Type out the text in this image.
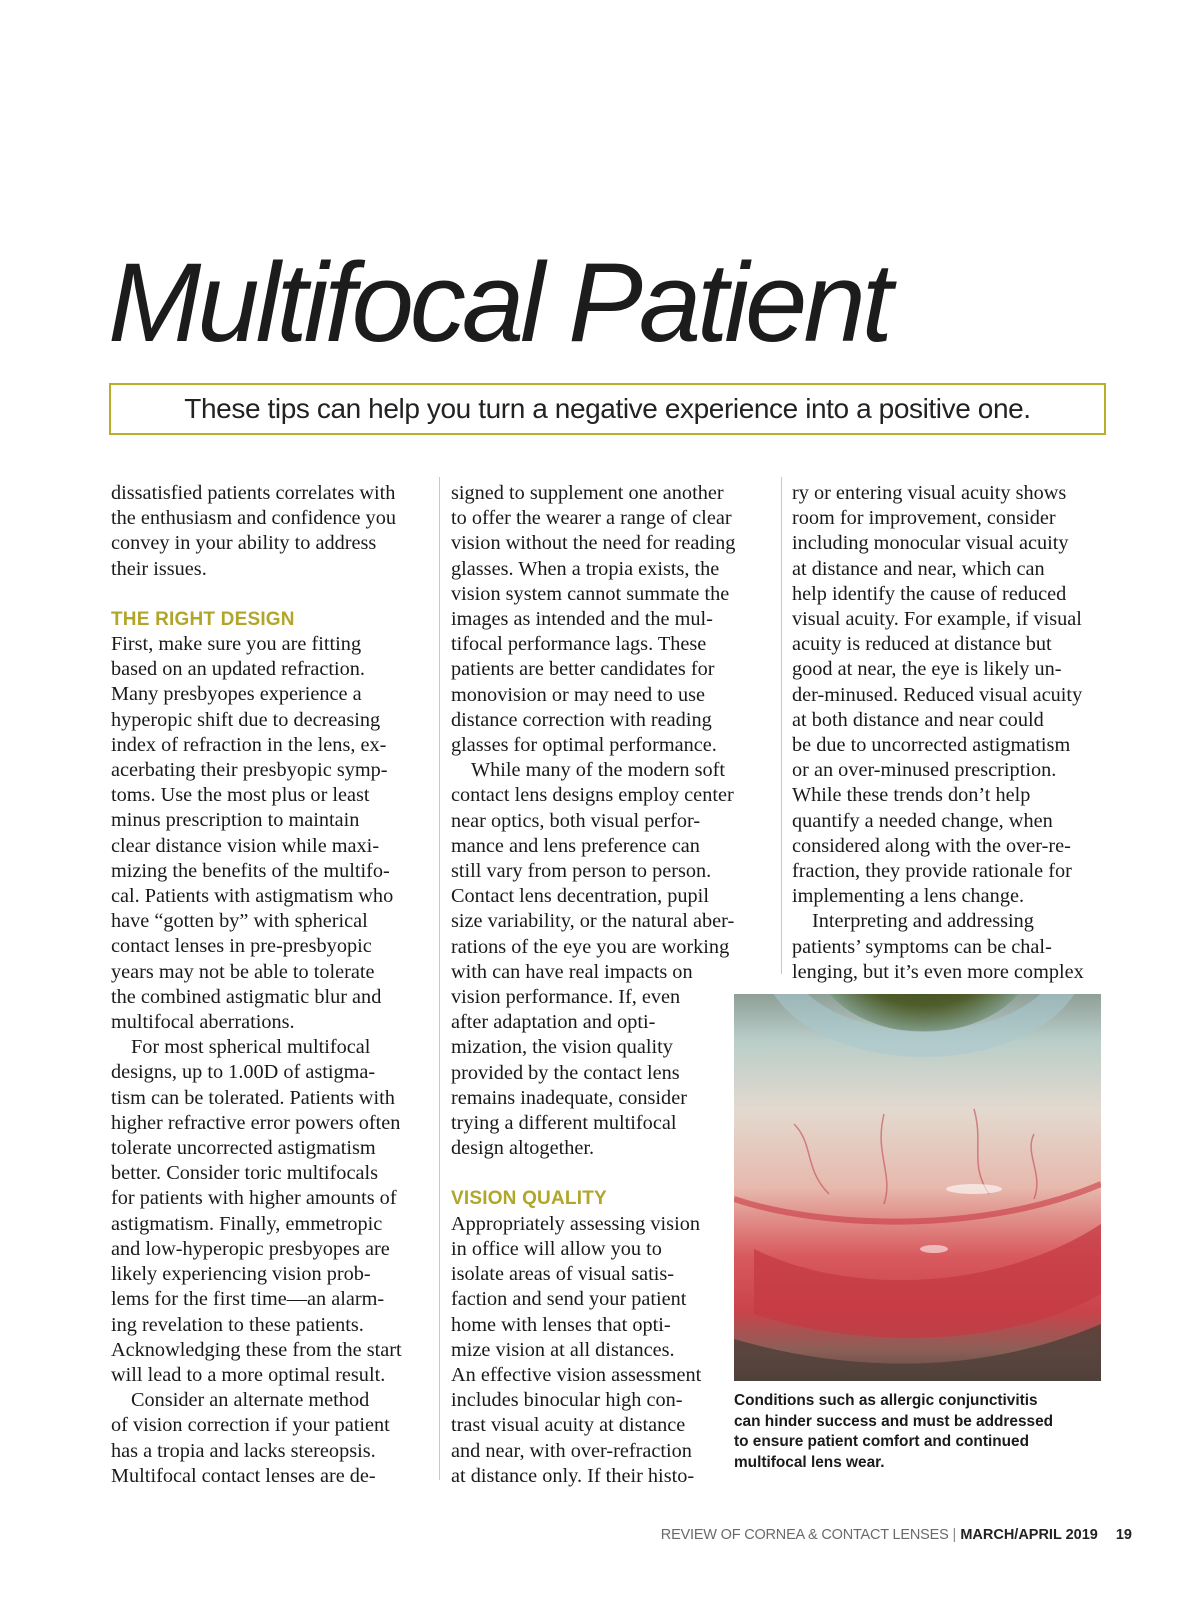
Multifocal Patient
These tips can help you turn a negative experience into a positive one.

dissatisfied patients correlates with

the enthusiasm and confidence you

convey in your ability to address

their issues.

THE RIGHT DESIGN

First, make sure you are fitting

based on an updated refraction.

Many presbyopes experience a

hyperopic shift due to decreasing

index of refraction in the lens, ex-

acerbating their presbyopic symp-

toms. Use the most plus or least

minus prescription to maintain

clear distance vision while maxi-

mizing the benefits of the multifo-

cal. Patients with astigmatism who

have “gotten by” with spherical

contact lenses in pre-presbyopic

years may not be able to tolerate

the combined astigmatic blur and

multifocal aberrations.

For most spherical multifocal

designs, up to 1.00D of astigma-

tism can be tolerated. Patients with

higher refractive error powers often

tolerate uncorrected astigmatism

better. Consider toric multifocals

for patients with higher amounts of

astigmatism. Finally, emmetropic

and low-hyperopic presbyopes are

likely experiencing vision prob-

lems for the first time—an alarm-

ing revelation to these patients.

Acknowledging these from the start

will lead to a more optimal result.

Consider an alternate method

of vision correction if your patient

has a tropia and lacks stereopsis.

Multifocal contact lenses are de-

signed to supplement one another

to offer the wearer a range of clear

vision without the need for reading

glasses. When a tropia exists, the

vision system cannot summate the

images as intended and the mul-

tifocal performance lags. These

patients are better candidates for

monovision or may need to use

distance correction with reading

glasses for optimal performance.

While many of the modern soft

contact lens designs employ center

near optics, both visual perfor-

mance and lens preference can

still vary from person to person.

Contact lens decentration, pupil

size variability, or the natural aber-

rations of the eye you are working

with can have real impacts on

vision performance. If, even

after adaptation and opti-

mization, the vision quality

provided by the contact lens

remains inadequate, consider

trying a different multifocal

design altogether.

VISION QUALITY

Appropriately assessing vision

in office will allow you to

isolate areas of visual satis-

faction and send your patient

home with lenses that opti-

mize vision at all distances.

An effective vision assessment

includes binocular high con-

trast visual acuity at distance

and near, with over-refraction

at distance only. If their histo-

ry or entering visual acuity shows

room for improvement, consider

including monocular visual acuity

at distance and near, which can

help identify the cause of reduced

visual acuity. For example, if visual

acuity is reduced at distance but

good at near, the eye is likely un-

der-minused. Reduced visual acuity

at both distance and near could

be due to uncorrected astigmatism

or an over-minused prescription.

While these trends don’t help

quantify a needed change, when

considered along with the over-re-

fraction, they provide rationale for

implementing a lens change.

Interpreting and addressing

patients’ symptoms can be chal-

lenging, but it’s even more complex

Conditions such as allergic conjunctivitis

can hinder success and must be addressed

to ensure patient comfort and continued

multifocal lens wear.

REVIEW OF CORNEA & CONTACT LENSES | MARCH/APRIL 2019 19
